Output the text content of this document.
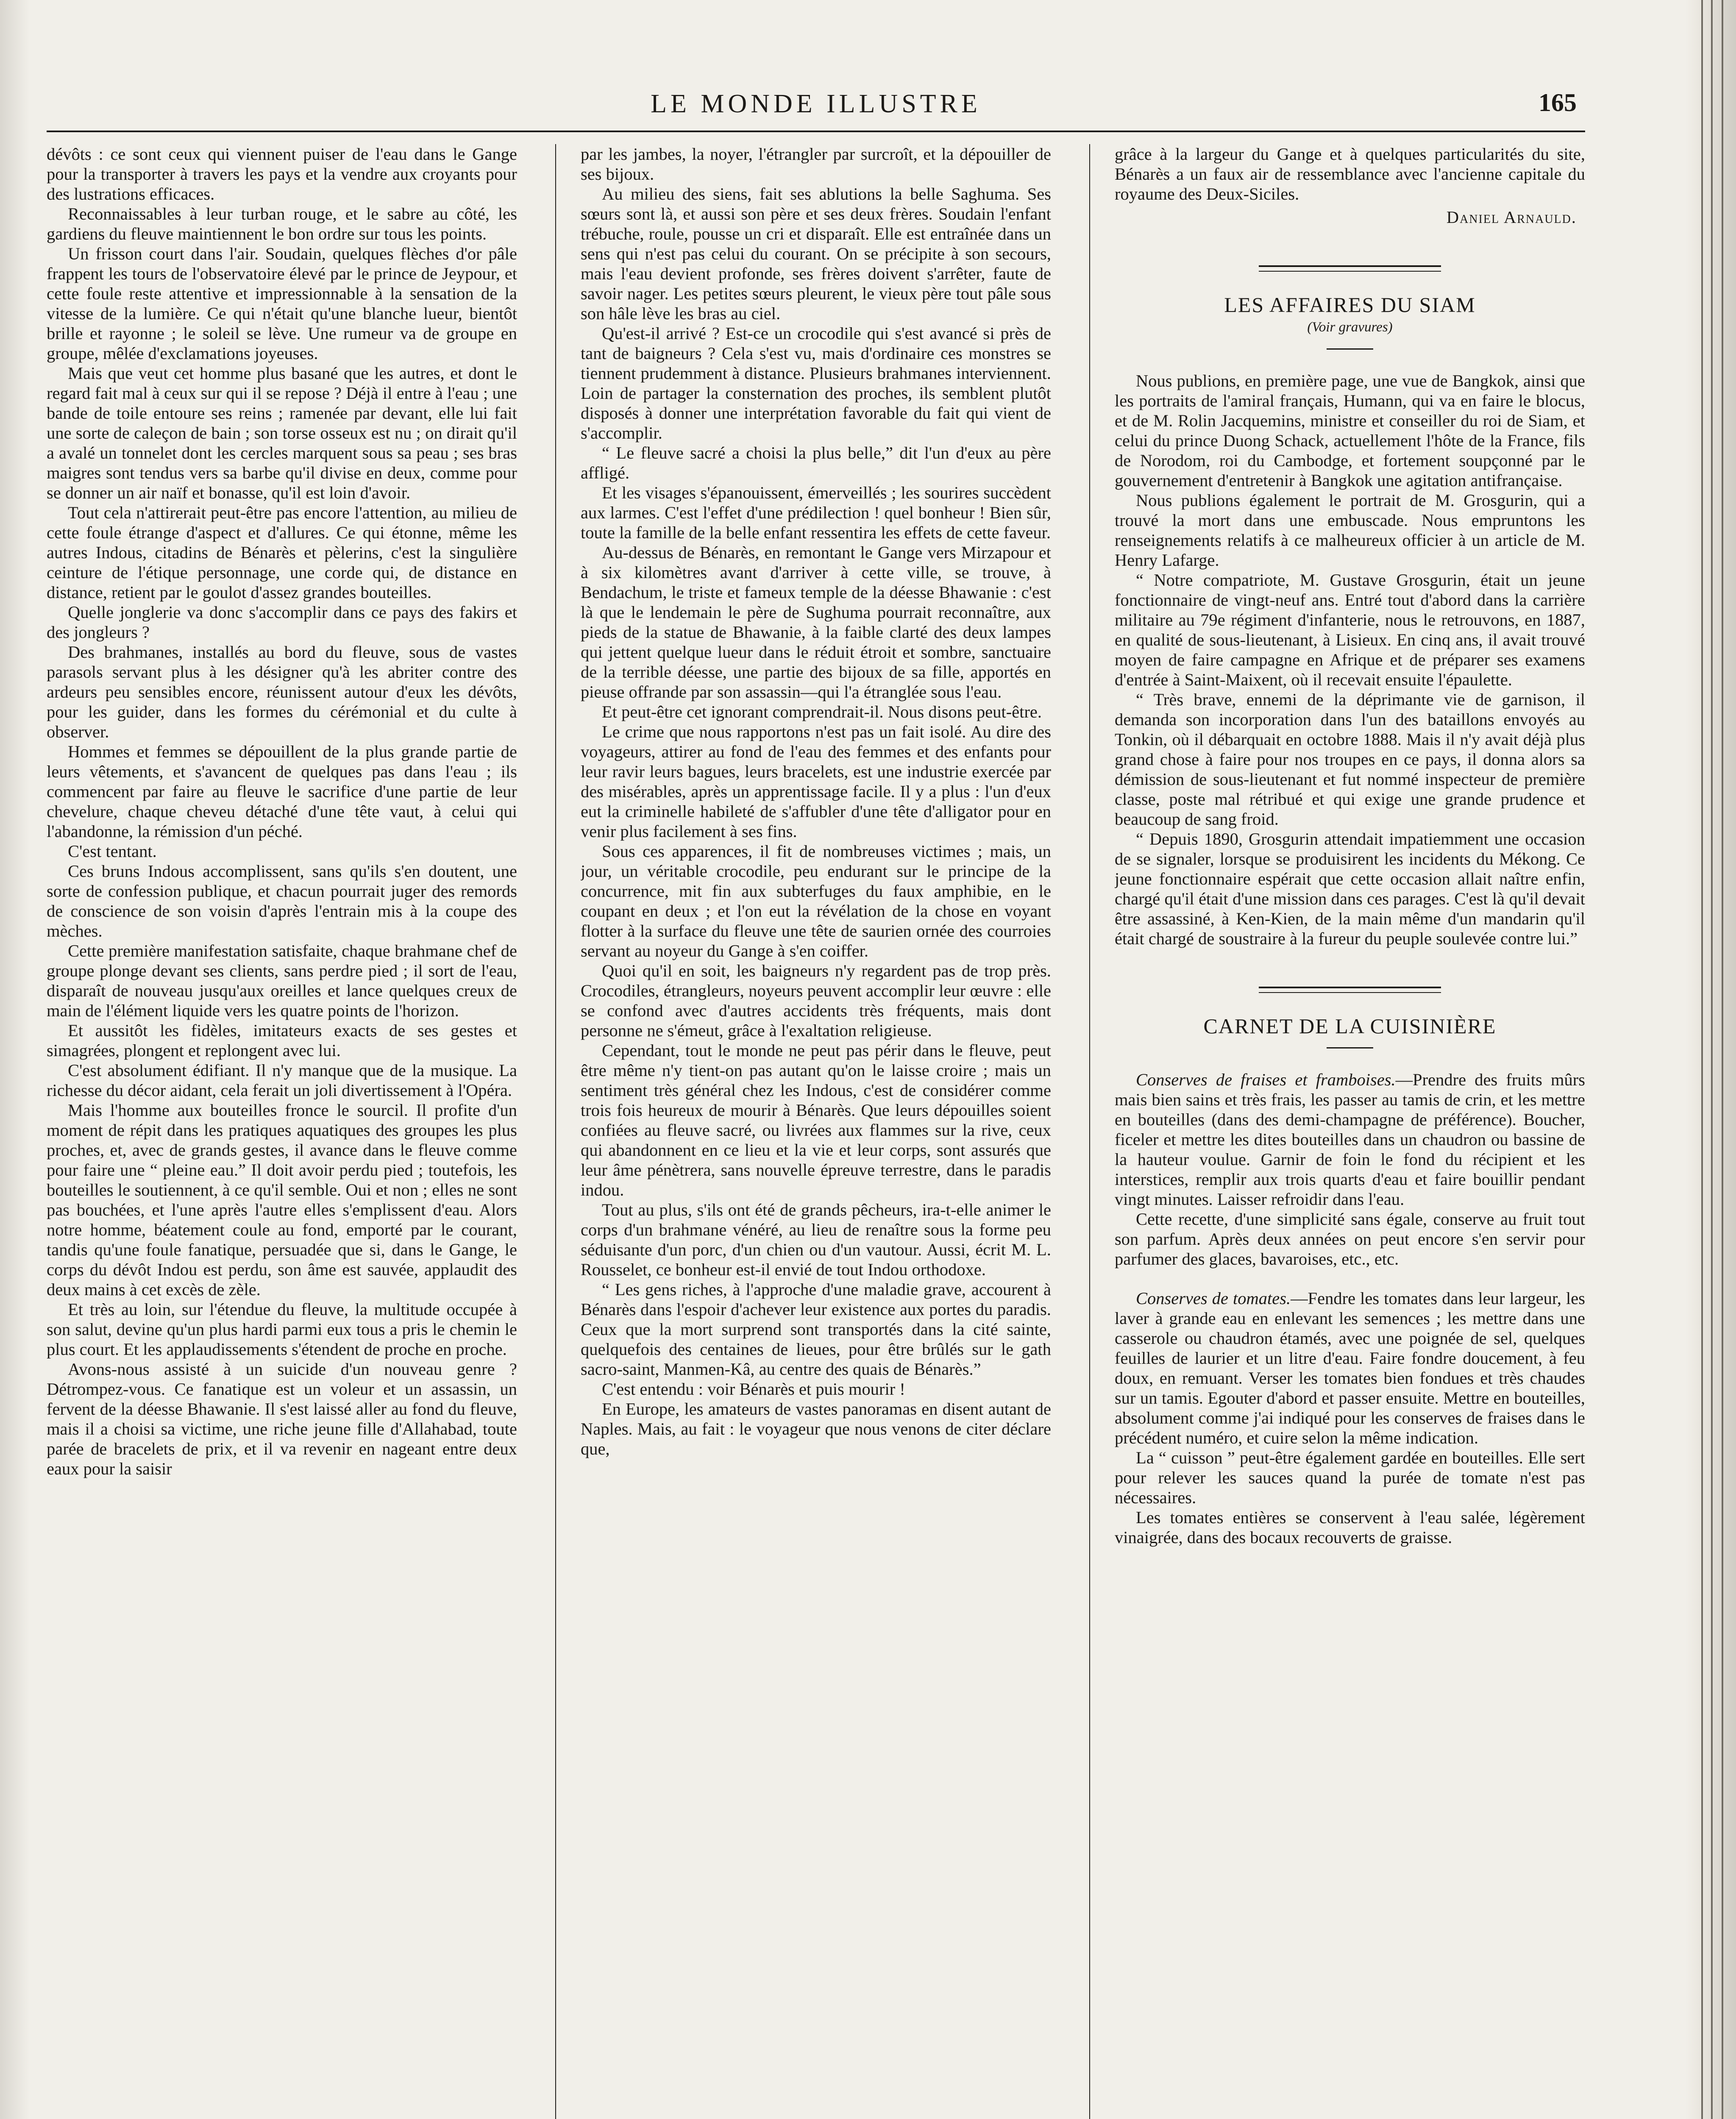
LE MONDE ILLUSTRE	165

dévôts : ce sont ceux qui viennent puiser de l'eau dans le Gange pour la transporter à travers les pays et la vendre aux croyants pour des lustrations efficaces.

Reconnaissables à leur turban rouge, et le sabre au côté, les gardiens du fleuve maintiennent le bon ordre sur tous les points.

Un frisson court dans l'air. Soudain, quelques flèches d'or pâle frappent les tours de l'observatoire élevé par le prince de Jeypour, et cette foule reste attentive et impressionnable à la sensation de la vitesse de la lumière. Ce qui n'était qu'une blanche lueur, bientôt brille et rayonne ; le soleil se lève. Une rumeur va de groupe en groupe, mêlée d'exclamations joyeuses.

Mais que veut cet homme plus basané que les autres, et dont le regard fait mal à ceux sur qui il se repose ? Déjà il entre à l'eau ; une bande de toile entoure ses reins ; ramenée par devant, elle lui fait une sorte de caleçon de bain ; son torse osseux est nu ; on dirait qu'il a avalé un tonnelet dont les cercles marquent sous sa peau ; ses bras maigres sont tendus vers sa barbe qu'il divise en deux, comme pour se donner un air naïf et bonasse, qu'il est loin d'avoir.

Tout cela n'attirerait peut-être pas encore l'attention, au milieu de cette foule étrange d'aspect et d'allures. Ce qui étonne, même les autres Indous, citadins de Bénarès et pèlerins, c'est la singulière ceinture de l'étique personnage, une corde qui, de distance en distance, retient par le goulot d'assez grandes bouteilles.

Quelle jonglerie va donc s'accomplir dans ce pays des fakirs et des jongleurs ?

Des brahmanes, installés au bord du fleuve, sous de vastes parasols servant plus à les désigner qu'à les abriter contre des ardeurs peu sensibles encore, réunissent autour d'eux les dévôts, pour les guider, dans les formes du cérémonial et du culte à observer.

Hommes et femmes se dépouillent de la plus grande partie de leurs vêtements, et s'avancent de quelques pas dans l'eau ; ils commencent par faire au fleuve le sacrifice d'une partie de leur chevelure, chaque cheveu détaché d'une tête vaut, à celui qui l'abandonne, la rémission d'un péché.

C'est tentant.

Ces bruns Indous accomplissent, sans qu'ils s'en doutent, une sorte de confession publique, et chacun pourrait juger des remords de conscience de son voisin d'après l'entrain mis à la coupe des mèches.

Cette première manifestation satisfaite, chaque brahmane chef de groupe plonge devant ses clients, sans perdre pied ; il sort de l'eau, disparaît de nouveau jusqu'aux oreilles et lance quelques creux de main de l'élément liquide vers les quatre points de l'horizon.

Et aussitôt les fidèles, imitateurs exacts de ses gestes et simagrées, plongent et replongent avec lui.

C'est absolument édifiant. Il n'y manque que de la musique. La richesse du décor aidant, cela ferait un joli divertissement à l'Opéra.

Mais l'homme aux bouteilles fronce le sourcil. Il profite d'un moment de répit dans les pratiques aquatiques des groupes les plus proches, et, avec de grands gestes, il avance dans le fleuve comme pour faire une “ pleine eau.” Il doit avoir perdu pied ; toutefois, les bouteilles le soutiennent, à ce qu'il semble. Oui et non ; elles ne sont pas bouchées, et l'une après l'autre elles s'emplissent d'eau. Alors notre homme, béatement coule au fond, emporté par le courant, tandis qu'une foule fanatique, persuadée que si, dans le Gange, le corps du dévôt Indou est perdu, son âme est sauvée, applaudit des deux mains à cet excès de zèle.

Et très au loin, sur l'étendue du fleuve, la multitude occupée à son salut, devine qu'un plus hardi parmi eux tous a pris le chemin le plus court. Et les applaudissements s'étendent de proche en proche.

Avons-nous assisté à un suicide d'un nouveau genre ? Détrompez-vous. Ce fanatique est un voleur et un assassin, un fervent de la déesse Bhawanie. Il s'est laissé aller au fond du fleuve, mais il a choisi sa victime, une riche jeune fille d'Allahabad, toute parée de bracelets de prix, et il va revenir en nageant entre deux eaux pour la saisir

par les jambes, la noyer, l'étrangler par surcroît, et la dépouiller de ses bijoux.

Au milieu des siens, fait ses ablutions la belle Saghuma. Ses sœurs sont là, et aussi son père et ses deux frères. Soudain l'enfant trébuche, roule, pousse un cri et disparaît. Elle est entraînée dans un sens qui n'est pas celui du courant. On se précipite à son secours, mais l'eau devient profonde, ses frères doivent s'arrêter, faute de savoir nager. Les petites sœurs pleurent, le vieux père tout pâle sous son hâle lève les bras au ciel.

Qu'est-il arrivé ? Est-ce un crocodile qui s'est avancé si près de tant de baigneurs ? Cela s'est vu, mais d'ordinaire ces monstres se tiennent prudemment à distance. Plusieurs brahmanes interviennent. Loin de partager la consternation des proches, ils semblent plutôt disposés à donner une interprétation favorable du fait qui vient de s'accomplir.

“ Le fleuve sacré a choisi la plus belle,” dit l'un d'eux au père affligé.

Et les visages s'épanouissent, émerveillés ; les sourires succèdent aux larmes. C'est l'effet d'une prédilection ! quel bonheur ! Bien sûr, toute la famille de la belle enfant ressentira les effets de cette faveur.

Au-dessus de Bénarès, en remontant le Gange vers Mirzapour et à six kilomètres avant d'arriver à cette ville, se trouve, à Bendachum, le triste et fameux temple de la déesse Bhawanie : c'est là que le lendemain le père de Sughuma pourrait reconnaître, aux pieds de la statue de Bhawanie, à la faible clarté des deux lampes qui jettent quelque lueur dans le réduit étroit et sombre, sanctuaire de la terrible déesse, une partie des bijoux de sa fille, apportés en pieuse offrande par son assassin—qui l'a étranglée sous l'eau.

Et peut-être cet ignorant comprendrait-il. Nous disons peut-être.

Le crime que nous rapportons n'est pas un fait isolé. Au dire des voyageurs, attirer au fond de l'eau des femmes et des enfants pour leur ravir leurs bagues, leurs bracelets, est une industrie exercée par des misérables, après un apprentissage facile. Il y a plus : l'un d'eux eut la criminelle habileté de s'affubler d'une tête d'alligator pour en venir plus facilement à ses fins.

Sous ces apparences, il fit de nombreuses victimes ; mais, un jour, un véritable crocodile, peu endurant sur le principe de la concurrence, mit fin aux subterfuges du faux amphibie, en le coupant en deux ; et l'on eut la révélation de la chose en voyant flotter à la surface du fleuve une tête de saurien ornée des courroies servant au noyeur du Gange à s'en coiffer.

Quoi qu'il en soit, les baigneurs n'y regardent pas de trop près. Crocodiles, étrangleurs, noyeurs peuvent accomplir leur œuvre : elle se confond avec d'autres accidents très fréquents, mais dont personne ne s'émeut, grâce à l'exaltation religieuse.

Cependant, tout le monde ne peut pas périr dans le fleuve, peut être même n'y tient-on pas autant qu'on le laisse croire ; mais un sentiment très général chez les Indous, c'est de considérer comme trois fois heureux de mourir à Bénarès. Que leurs dépouilles soient confiées au fleuve sacré, ou livrées aux flammes sur la rive, ceux qui abandonnent en ce lieu et la vie et leur corps, sont assurés que leur âme pénètrera, sans nouvelle épreuve terrestre, dans le paradis indou.

Tout au plus, s'ils ont été de grands pêcheurs, ira-t-elle animer le corps d'un brahmane vénéré, au lieu de renaître sous la forme peu séduisante d'un porc, d'un chien ou d'un vautour. Aussi, écrit M. L. Rousselet, ce bonheur est-il envié de tout Indou orthodoxe.

“ Les gens riches, à l'approche d'une maladie grave, accourent à Bénarès dans l'espoir d'achever leur existence aux portes du paradis. Ceux que la mort surprend sont transportés dans la cité sainte, quelquefois des centaines de lieues, pour être brûlés sur le gath sacro-saint, Manmen-Kâ, au centre des quais de Bénarès.”

C'est entendu : voir Bénarès et puis mourir !

En Europe, les amateurs de vastes panoramas en disent autant de Naples. Mais, au fait : le voyageur que nous venons de citer déclare que,

grâce à la largeur du Gange et à quelques particularités du site, Bénarès a un faux air de ressemblance avec l'ancienne capitale du royaume des Deux-Siciles.

Daniel Arnauld.

LES AFFAIRES DU SIAM

(Voir gravures)

Nous publions, en première page, une vue de Bangkok, ainsi que les portraits de l'amiral français, Humann, qui va en faire le blocus, et de M. Rolin Jacquemins, ministre et conseiller du roi de Siam, et celui du prince Duong Schack, actuellement l'hôte de la France, fils de Norodom, roi du Cambodge, et fortement soupçonné par le gouvernement d'entretenir à Bangkok une agitation antifrançaise.

Nous publions également le portrait de M. Grosgurin, qui a trouvé la mort dans une embuscade. Nous empruntons les renseignements relatifs à ce malheureux officier à un article de M. Henry Lafarge.

“ Notre compatriote, M. Gustave Grosgurin, était un jeune fonctionnaire de vingt-neuf ans. Entré tout d'abord dans la carrière militaire au 79e régiment d'infanterie, nous le retrouvons, en 1887, en qualité de sous-lieutenant, à Lisieux. En cinq ans, il avait trouvé moyen de faire campagne en Afrique et de préparer ses examens d'entrée à Saint-Maixent, où il recevait ensuite l'épaulette.

“ Très brave, ennemi de la déprimante vie de garnison, il demanda son incorporation dans l'un des bataillons envoyés au Tonkin, où il débarquait en octobre 1888. Mais il n'y avait déjà plus grand chose à faire pour nos troupes en ce pays, il donna alors sa démission de sous-lieutenant et fut nommé inspecteur de première classe, poste mal rétribué et qui exige une grande prudence et beaucoup de sang froid.

“ Depuis 1890, Grosgurin attendait impatiemment une occasion de se signaler, lorsque se produisirent les incidents du Mékong. Ce jeune fonctionnaire espérait que cette occasion allait naître enfin, chargé qu'il était d'une mission dans ces parages. C'est là qu'il devait être assassiné, à Ken-Kien, de la main même d'un mandarin qu'il était chargé de soustraire à la fureur du peuple soulevée contre lui.”

CARNET DE LA CUISINIÈRE

Conserves de fraises et framboises.—Prendre des fruits mûrs mais bien sains et très frais, les passer au tamis de crin, et les mettre en bouteilles (dans des demi-champagne de préférence). Boucher, ficeler et mettre les dites bouteilles dans un chaudron ou bassine de la hauteur voulue. Garnir de foin le fond du récipient et les interstices, remplir aux trois quarts d'eau et faire bouillir pendant vingt minutes. Laisser refroidir dans l'eau.

Cette recette, d'une simplicité sans égale, conserve au fruit tout son parfum. Après deux années on peut encore s'en servir pour parfumer des glaces, bavaroises, etc., etc.

Conserves de tomates.—Fendre les tomates dans leur largeur, les laver à grande eau en enlevant les semences ; les mettre dans une casserole ou chaudron étamés, avec une poignée de sel, quelques feuilles de laurier et un litre d'eau. Faire fondre doucement, à feu doux, en remuant. Verser les tomates bien fondues et très chaudes sur un tamis. Egouter d'abord et passer ensuite. Mettre en bouteilles, absolument comme j'ai indiqué pour les conserves de fraises dans le précédent numéro, et cuire selon la même indication.

La “ cuisson ” peut-être également gardée en bouteilles. Elle sert pour relever les sauces quand la purée de tomate n'est pas nécessaires.

Les tomates entières se conservent à l'eau salée, légèrement vinaigrée, dans des bocaux recouverts de graisse.
